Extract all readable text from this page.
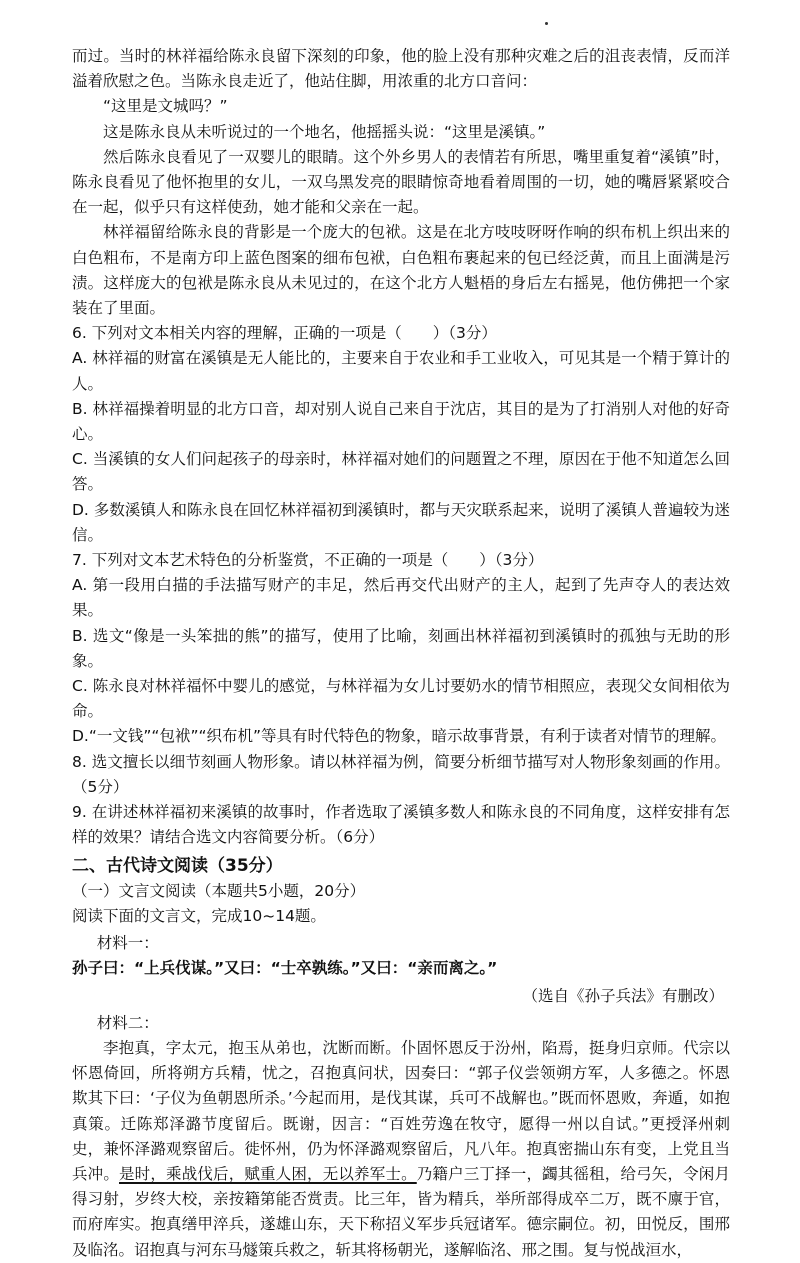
而过。当时的林祥福给陈永良留下深刻的印象，他的脸上没有那种灾难之后的沮丧表情，反而洋溢着欣慰之色。当陈永良走近了，他站住脚，用浓重的北方口音问：

“这里是文城吗？”

这是陈永良从未听说过的一个地名，他摇摇头说：“这里是溪镇。”

然后陈永良看见了一双婴儿的眼睛。这个外乡男人的表情若有所思，嘴里重复着“溪镇”时，陈永良看见了他怀抱里的女儿，一双乌黑发亮的眼睛惊奇地看着周围的一切，她的嘴唇紧紧咬合在一起，似乎只有这样使劲，她才能和父亲在一起。

林祥福留给陈永良的背影是一个庞大的包袱。这是在北方吱吱呀呀作响的织布机上织出来的白色粗布，不是南方印上蓝色图案的细布包袱，白色粗布裹起来的包已经泛黄，而且上面满是污渍。这样庞大的包袱是陈永良从未见过的，在这个北方人魁梧的身后左右摇晃，他仿佛把一个家装在了里面。

6. 下列对文本相关内容的理解，正确的一项是（　　）（3分）

A. 林祥福的财富在溪镇是无人能比的，主要来自于农业和手工业收入，可见其是一个精于算计的人。

B. 林祥福操着明显的北方口音，却对别人说自己来自于沈店，其目的是为了打消别人对他的好奇心。

C. 当溪镇的女人们问起孩子的母亲时，林祥福对她们的问题置之不理，原因在于他不知道怎么回答。

D. 多数溪镇人和陈永良在回忆林祥福初到溪镇时，都与天灾联系起来，说明了溪镇人普遍较为迷信。

7. 下列对文本艺术特色的分析鉴赏，不正确的一项是（　　）（3分）

A. 第一段用白描的手法描写财产的丰足，然后再交代出财产的主人，起到了先声夺人的表达效果。

B. 选文“像是一头笨拙的熊”的描写，使用了比喻，刻画出林祥福初到溪镇时的孤独与无助的形象。

C. 陈永良对林祥福怀中婴儿的感觉，与林祥福为女儿讨要奶水的情节相照应，表现父女间相依为命。

D.“一文钱”“包袱”“织布机”等具有时代特色的物象，暗示故事背景，有利于读者对情节的理解。

8. 选文擅长以细节刻画人物形象。请以林祥福为例，简要分析细节描写对人物形象刻画的作用。（5分）

9. 在讲述林祥福初来溪镇的故事时，作者选取了溪镇多数人和陈永良的不同角度，这样安排有怎样的效果？请结合选文内容简要分析。（6分）

二、古代诗文阅读（35分）

（一）文言文阅读（本题共5小题，20分）

阅读下面的文言文，完成10~14题。

材料一：

孙子曰：“上兵伐谋。”又曰：“士卒孰练。”又曰：“亲而离之。”

（选自《孙子兵法》有删改）

材料二：

李抱真，字太元，抱玉从弟也，沈断而断。仆固怀恩反于汾州，陷焉，挺身归京师。代宗以怀恩倚回，所将朔方兵精，忧之，召抱真问状，因奏曰：“郭子仪尝领朔方军，人多德之。怀恩欺其下曰：‘子仪为鱼朝恩所杀。’今起而用，是伐其谋，兵可不战解也。”既而怀恩败，奔遁，如抱真策。迁陈郑泽潞节度留后。既谢，因言：“百姓劳逸在牧守，愿得一州以自试。”更授泽州刺史，兼怀泽潞观察留后。徙怀州，仍为怀泽潞观察留后，凡八年。抱真密揣山东有变，上党且当兵冲。是时，乘战伐后，赋重人困，无以养军士。乃籍户三丁择一，蠲其徭租，给弓矢，令闲月得习射，岁终大校，亲按籍第能否赏责。比三年，皆为精兵，举所部得成卒二万，既不廪于官，而府库实。抱真缮甲淬兵，遂雄山东，天下称招义军步兵冠诸军。德宗嗣位。初，田悦反，围邢及临洺。诏抱真与河东马燧策兵救之，斩其将杨朝光，遂解临洺、邢之围。复与悦战洹水，
